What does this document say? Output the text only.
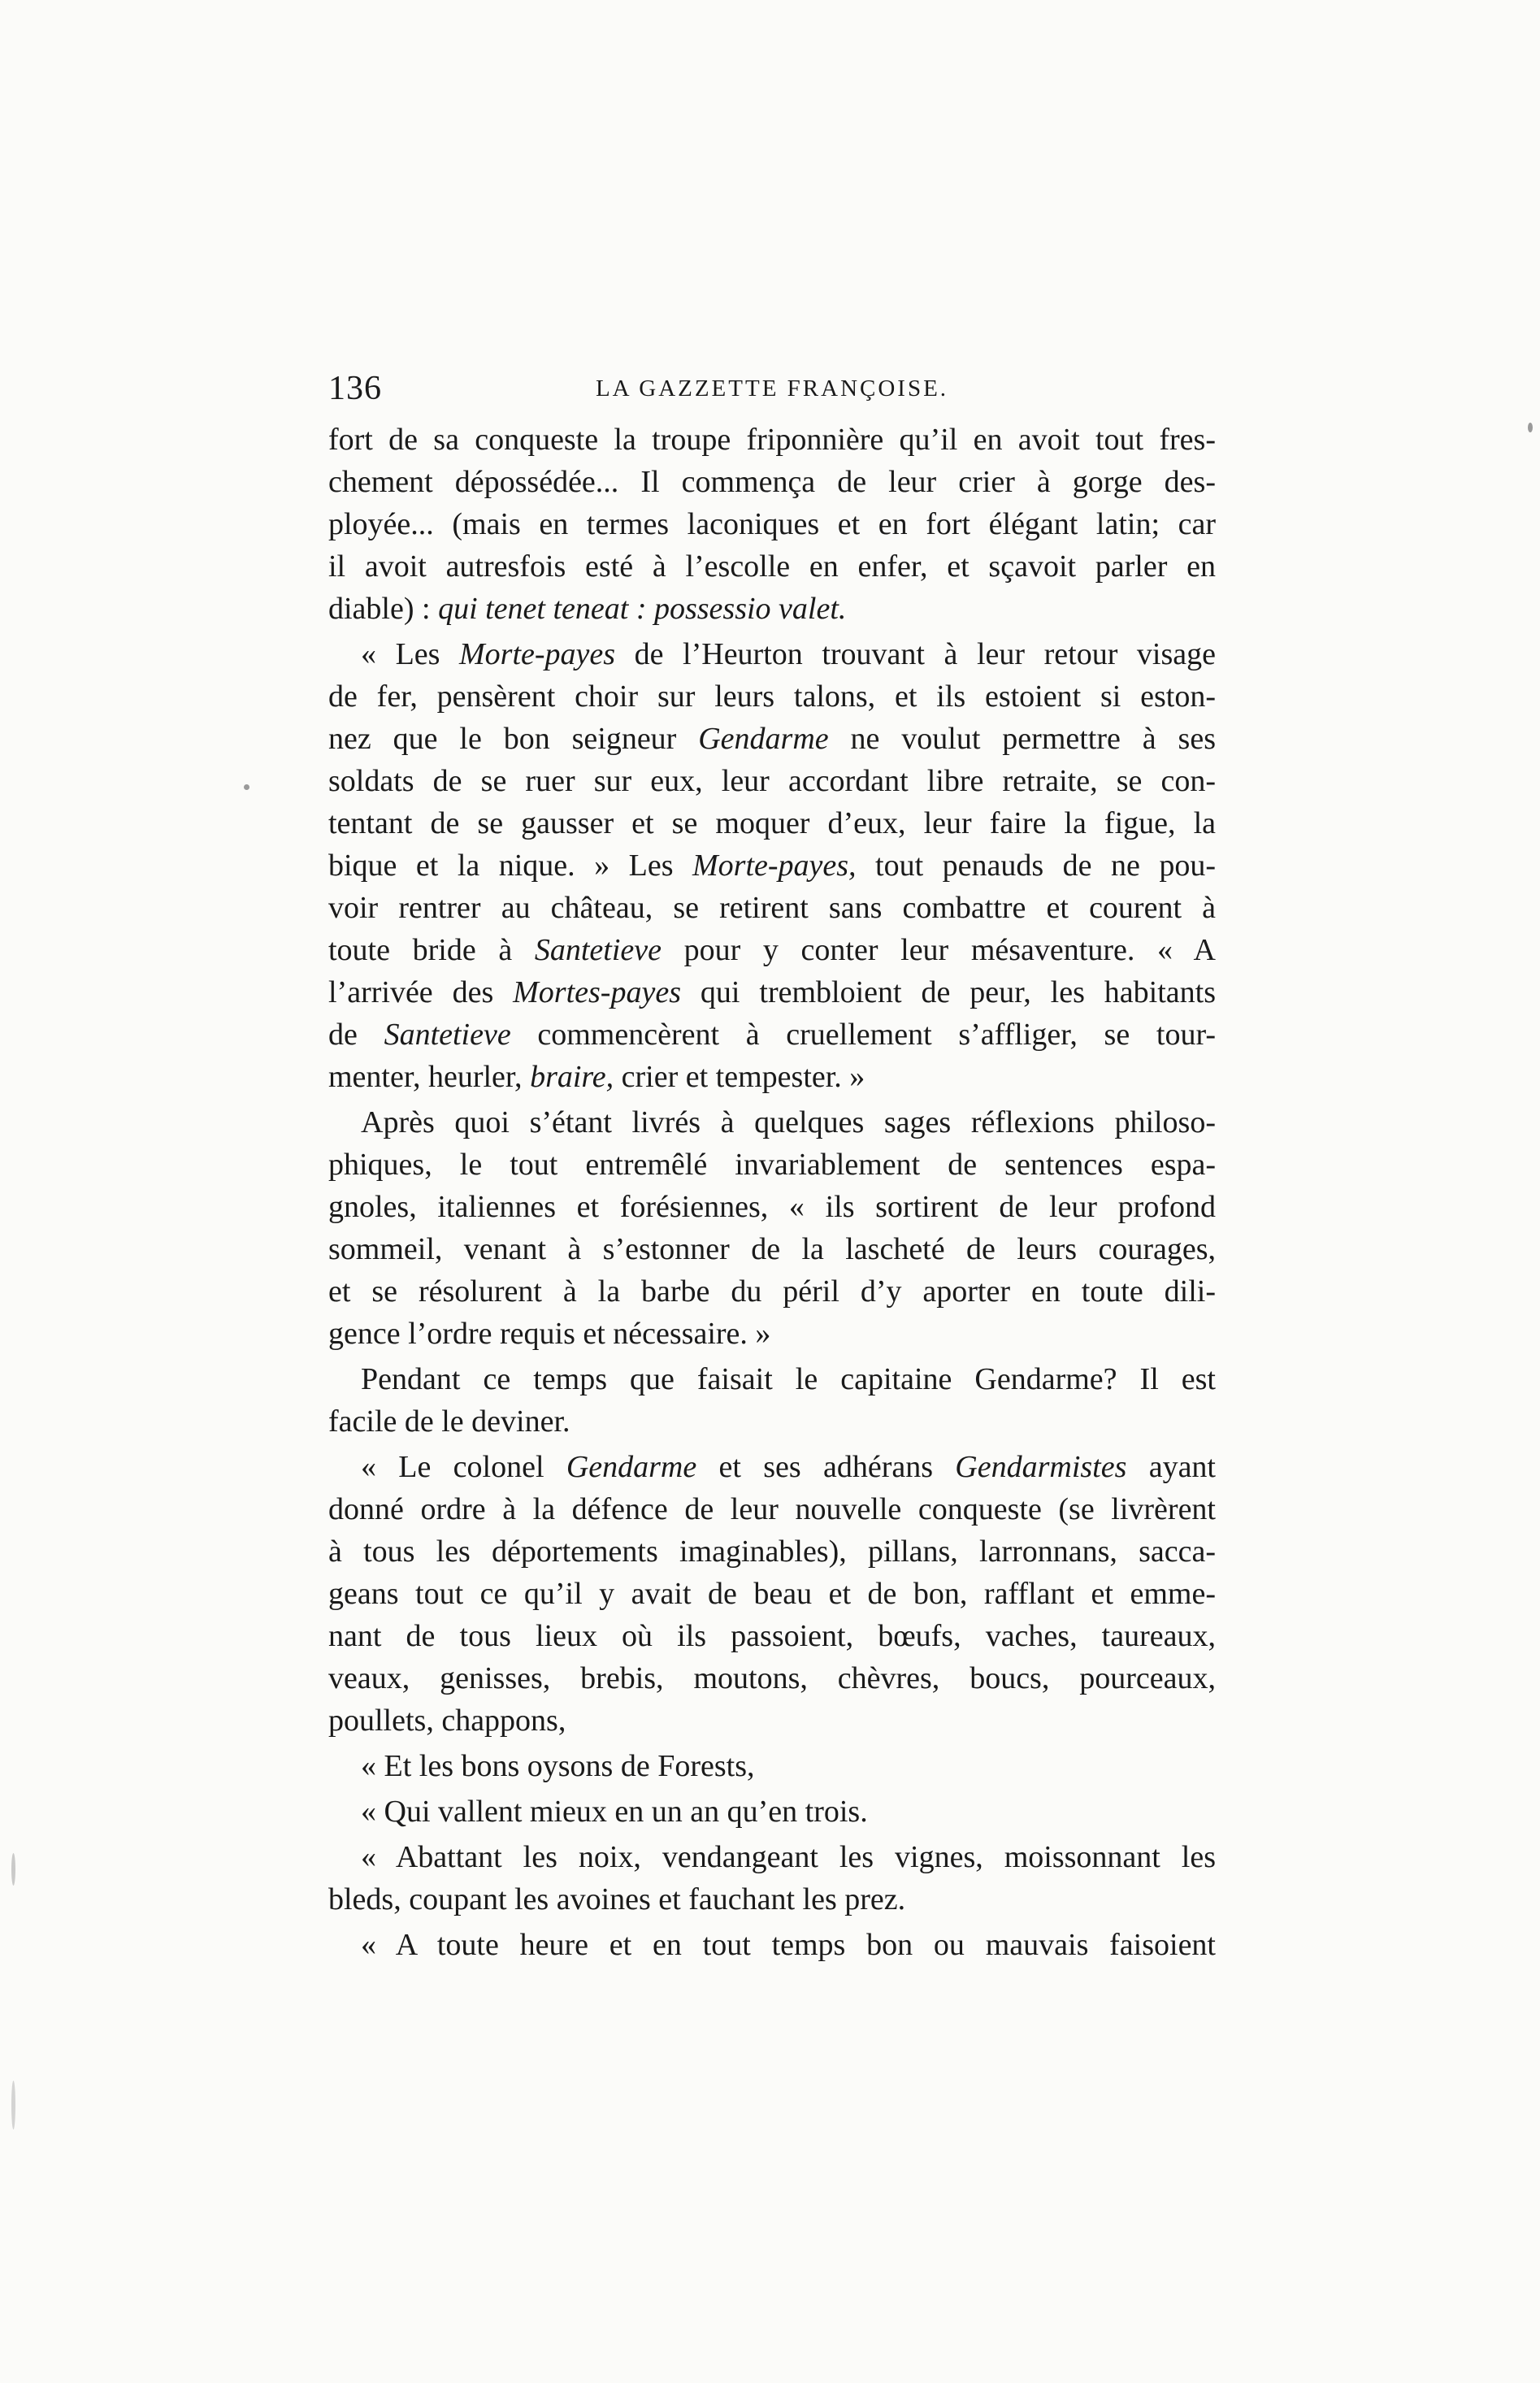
136	LA GAZZETTE FRANÇOISE.
fort de sa conqueste la troupe friponnière qu’il en avoit tout fres-
chement dépossédée... Il commença de leur crier à gorge des-
ployée... (mais en termes laconiques et en fort élégant latin; car
il avoit autresfois esté à l’escolle en enfer, et sçavoit parler en
diable) : qui tenet teneat : possessio valet.
« Les Morte-payes de l’Heurton trouvant à leur retour visage
de fer, pensèrent choir sur leurs talons, et ils estoient si eston-
nez que le bon seigneur Gendarme ne voulut permettre à ses
soldats de se ruer sur eux, leur accordant libre retraite, se con-
tentant de se gausser et se moquer d’eux, leur faire la figue, la
bique et la nique. » Les Morte-payes, tout penauds de ne pou-
voir rentrer au château, se retirent sans combattre et courent à
toute bride à Santetieve pour y conter leur mésaventure. « A
l’arrivée des Mortes-payes qui trembloient de peur, les habitants
de Santetieve commencèrent à cruellement s’affliger, se tour-
menter, heurler, braire, crier et tempester. »
Après quoi s’étant livrés à quelques sages réflexions philoso-
phiques, le tout entremêlé invariablement de sentences espa-
gnoles, italiennes et forésiennes, « ils sortirent de leur profond
sommeil, venant à s’estonner de la lascheté de leurs courages,
et se résolurent à la barbe du péril d’y aporter en toute dili-
gence l’ordre requis et nécessaire. »
Pendant ce temps que faisait le capitaine Gendarme? Il est
facile de le deviner.
« Le colonel Gendarme et ses adhérans Gendarmistes ayant
donné ordre à la défence de leur nouvelle conqueste (se livrèrent
à tous les déportements imaginables), pillans, larronnans, sacca-
geans tout ce qu’il y avait de beau et de bon, rafflant et emme-
nant de tous lieux où ils passoient, bœufs, vaches, taureaux,
veaux, genisses, brebis, moutons, chèvres, boucs, pourceaux,
poullets, chappons,
« Et les bons oysons de Forests,
« Qui vallent mieux en un an qu’en trois.
« Abattant les noix, vendangeant les vignes, moissonnant les
bleds, coupant les avoines et fauchant les prez.
« A toute heure et en tout temps bon ou mauvais faisoient
